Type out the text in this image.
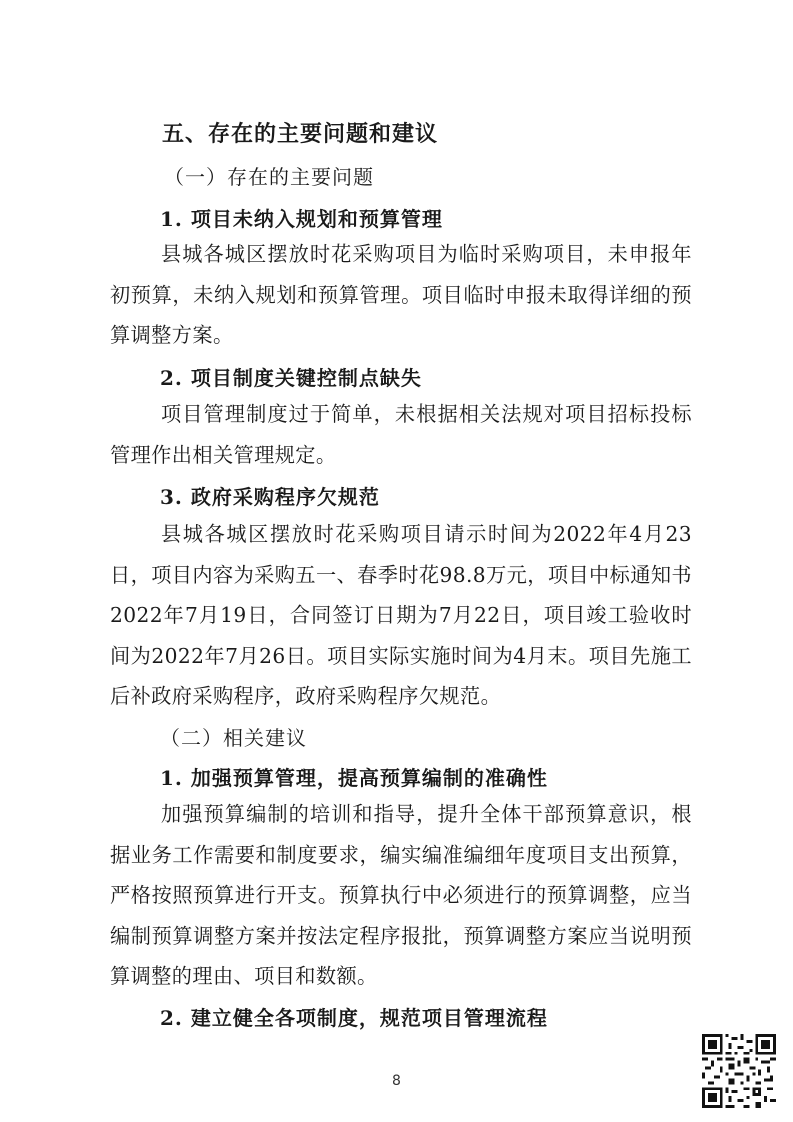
五、存在的主要问题和建议
（一）存在的主要问题
1. 项目未纳入规划和预算管理
县城各城区摆放时花采购项目为临时采购项目，未申报年初预算，未纳入规划和预算管理。项目临时申报未取得详细的预算调整方案。
2. 项目制度关键控制点缺失
项目管理制度过于简单，未根据相关法规对项目招标投标管理作出相关管理规定。
3. 政府采购程序欠规范
县城各城区摆放时花采购项目请示时间为2022年4月23日，项目内容为采购五一、春季时花98.8万元，项目中标通知书2022年7月19日，合同签订日期为7月22日，项目竣工验收时间为2022年7月26日。项目实际实施时间为4月末。项目先施工后补政府采购程序，政府采购程序欠规范。
（二）相关建议
1. 加强预算管理，提高预算编制的准确性
加强预算编制的培训和指导，提升全体干部预算意识，根据业务工作需要和制度要求，编实编准编细年度项目支出预算，严格按照预算进行开支。预算执行中必须进行的预算调整，应当编制预算调整方案并按法定程序报批，预算调整方案应当说明预算调整的理由、项目和数额。
2. 建立健全各项制度，规范项目管理流程
8
